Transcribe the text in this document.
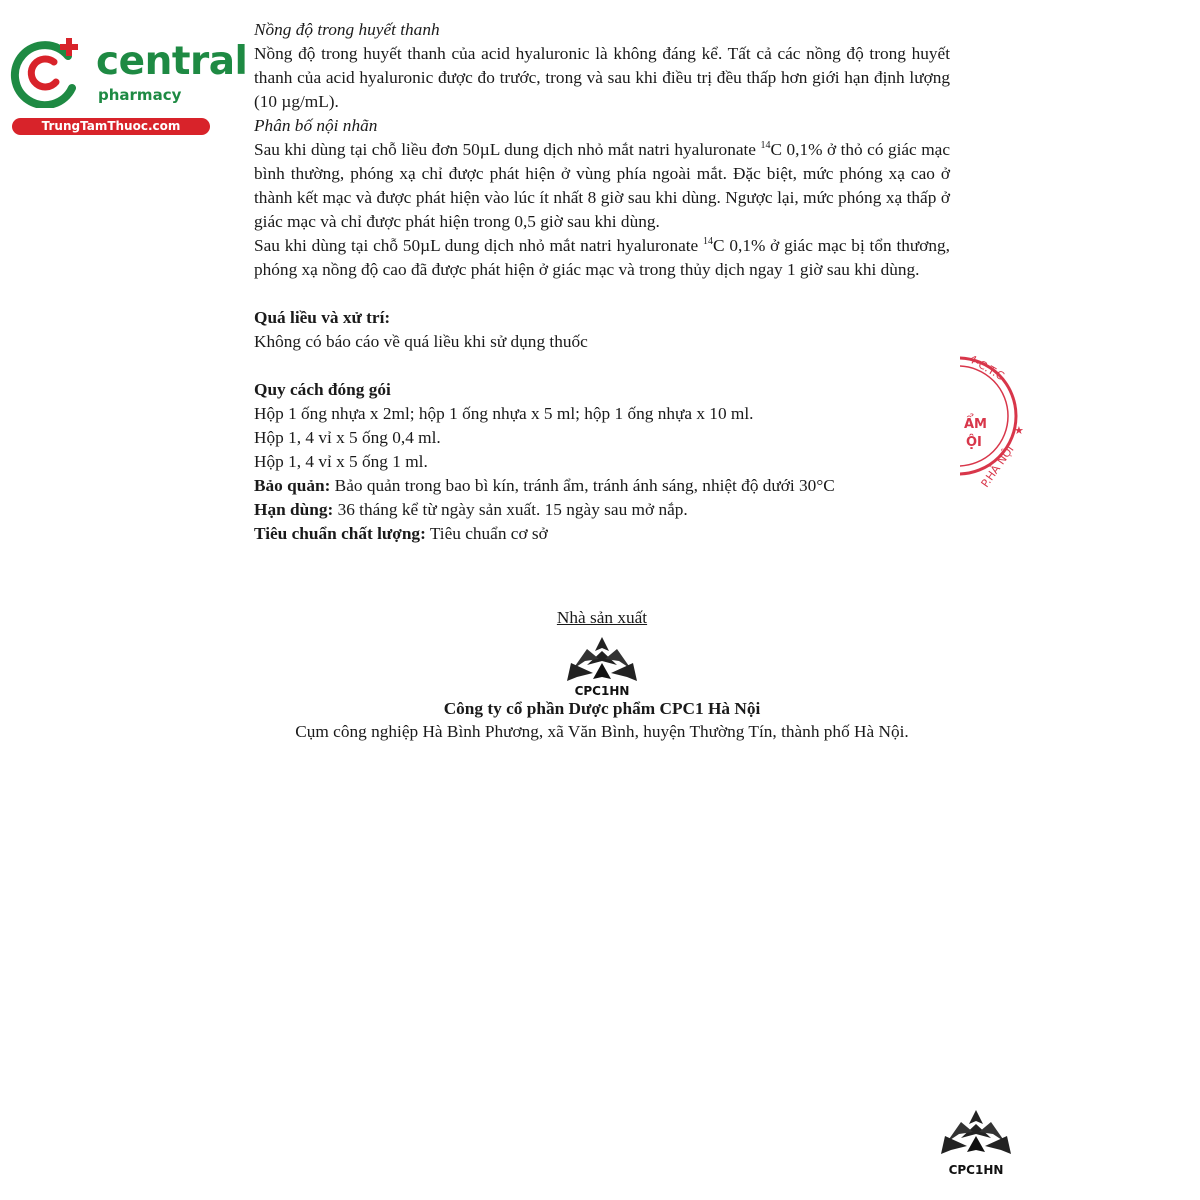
central
pharmacy
TrungTamThuoc.com

Nồng độ trong huyết thanh

Nồng độ trong huyết thanh của acid hyaluronic là không đáng kể. Tất cả các nồng độ trong huyết thanh của acid hyaluronic được đo trước, trong và sau khi điều trị đều thấp hơn giới hạn định lượng (10 µg/mL).

Phân bố nội nhãn

Sau khi dùng tại chỗ liều đơn 50µL dung dịch nhỏ mắt natri hyaluronate $^{14}$C 0,1% ở thỏ có giác mạc bình thường, phóng xạ chỉ được phát hiện ở vùng phía ngoài mắt. Đặc biệt, mức phóng xạ cao ở thành kết mạc và được phát hiện vào lúc ít nhất 8 giờ sau khi dùng. Ngược lại, mức phóng xạ thấp ở giác mạc và chỉ được phát hiện trong 0,5 giờ sau khi dùng.

Sau khi dùng tại chỗ 50µL dung dịch nhỏ mắt natri hyaluronate $^{14}$C 0,1% ở giác mạc bị tổn thương, phóng xạ nồng độ cao đã được phát hiện ở giác mạc và trong thủy dịch ngay 1 giờ sau khi dùng.

Quá liều và xử trí:

Không có báo cáo về quá liều khi sử dụng thuốc

Quy cách đóng gói

Hộp 1 ống nhựa x 2ml; hộp 1 ống nhựa x 5 ml; hộp 1 ống nhựa x 10 ml.

Hộp 1, 4 vỉ x 5 ống 0,4 ml.

Hộp 1, 4 vỉ x 5 ống 1 ml.

Bảo quản: Bảo quản trong bao bì kín, tránh ẩm, tránh ánh sáng, nhiệt độ dưới 30°C

Hạn dùng: 36 tháng kể từ ngày sản xuất. 15 ngày sau mở nắp.

Tiêu chuẩn chất lượng: Tiêu chuẩn cơ sở

Nhà sản xuất
CPC1HN
Công ty cổ phần Dược phẩm CPC1 Hà Nội
Cụm công nghiệp Hà Bình Phương, xã Văn Bình, huyện Thường Tín, thành phố Hà Nội.
4-C.T.C.
ẨM
ỘI
P.HÀ NỘI
★
CPC1HN
